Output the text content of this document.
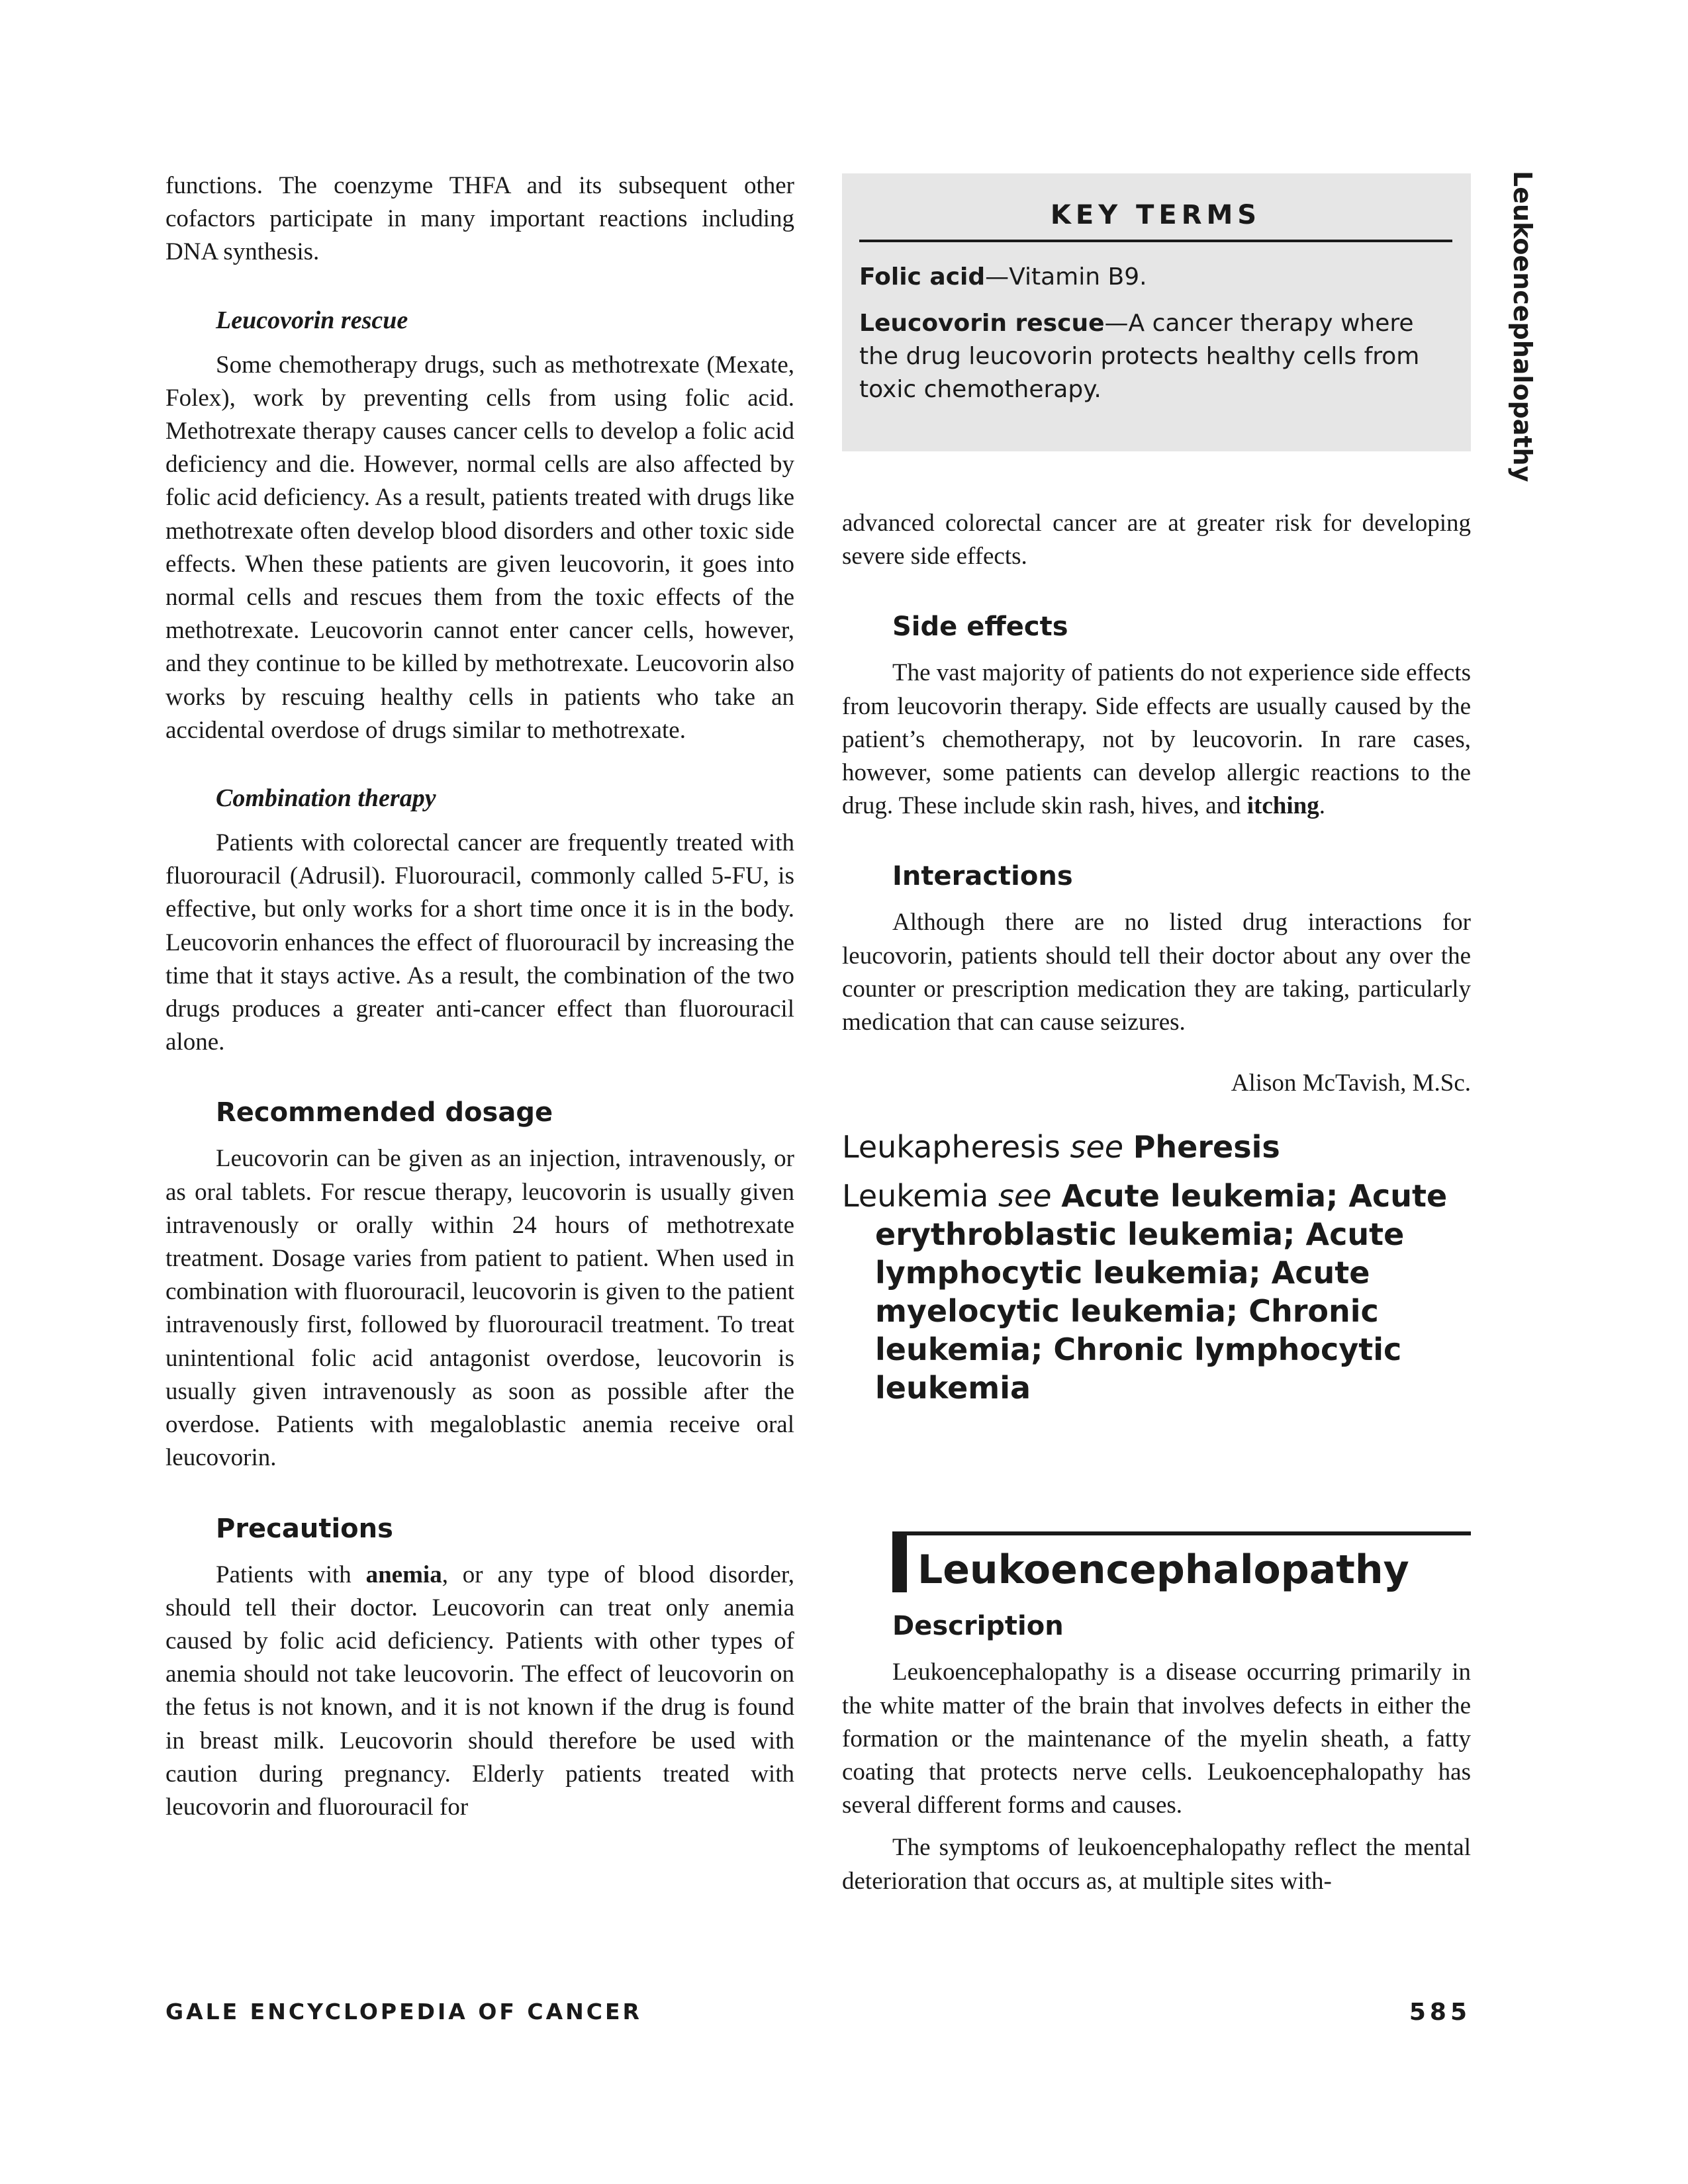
Leukoencephalopathy

functions. The coenzyme THFA and its subsequent other cofactors participate in many important reactions including DNA synthesis.

Leucovorin rescue

Some chemotherapy drugs, such as methotrexate (Mexate, Folex), work by preventing cells from using folic acid. Methotrexate therapy causes cancer cells to develop a folic acid deficiency and die. However, normal cells are also affected by folic acid deficiency. As a result, patients treated with drugs like methotrexate often develop blood disorders and other toxic side effects. When these patients are given leucovorin, it goes into normal cells and rescues them from the toxic effects of the methotrexate. Leucovorin cannot enter cancer cells, however, and they continue to be killed by methotrexate. Leucovorin also works by rescuing healthy cells in patients who take an accidental overdose of drugs similar to methotrexate.

Combination therapy

Patients with colorectal cancer are frequently treated with fluorouracil (Adrusil). Fluorouracil, commonly called 5-FU, is effective, but only works for a short time once it is in the body. Leucovorin enhances the effect of fluorouracil by increasing the time that it stays active. As a result, the combination of the two drugs produces a greater anti-cancer effect than fluorouracil alone.

Recommended dosage

Leucovorin can be given as an injection, intravenously, or as oral tablets. For rescue therapy, leucovorin is usually given intravenously or orally within 24 hours of methotrexate treatment. Dosage varies from patient to patient. When used in combination with fluorouracil, leucovorin is given to the patient intravenously first, followed by fluorouracil treatment. To treat unintentional folic acid antagonist overdose, leucovorin is usually given intravenously as soon as possible after the overdose. Patients with megaloblastic anemia receive oral leucovorin.

Precautions

Patients with anemia, or any type of blood disorder, should tell their doctor. Leucovorin can treat only anemia caused by folic acid deficiency. Patients with other types of anemia should not take leucovorin. The effect of leucovorin on the fetus is not known, and it is not known if the drug is found in breast milk. Leucovorin should therefore be used with caution during pregnancy. Elderly patients treated with leucovorin and fluorouracil for

KEY TERMS

Folic acid—Vitamin B9.

Leucovorin rescue—A cancer therapy where the drug leucovorin protects healthy cells from toxic chemotherapy.

advanced colorectal cancer are at greater risk for developing severe side effects.

Side effects

The vast majority of patients do not experience side effects from leucovorin therapy. Side effects are usually caused by the patient’s chemotherapy, not by leucovorin. In rare cases, however, some patients can develop allergic reactions to the drug. These include skin rash, hives, and itching.

Interactions

Although there are no listed drug interactions for leucovorin, patients should tell their doctor about any over the counter or prescription medication they are taking, particularly medication that can cause seizures.

Alison McTavish, M.Sc.
Leukapheresis see Pheresis
Leukemia see Acute leukemia; Acute erythroblastic leukemia; Acute lymphocytic leukemia; Acute myelocytic leukemia; Chronic leukemia; Chronic lymphocytic leukemia
Leukoencephalopathy
Description

Leukoencephalopathy is a disease occurring primarily in the white matter of the brain that involves defects in either the formation or the maintenance of the myelin sheath, a fatty coating that protects nerve cells. Leukoencephalopathy has several different forms and causes.

The symptoms of leukoencephalopathy reflect the mental deterioration that occurs as, at multiple sites with-

GALE ENCYCLOPEDIA OF CANCER	585
